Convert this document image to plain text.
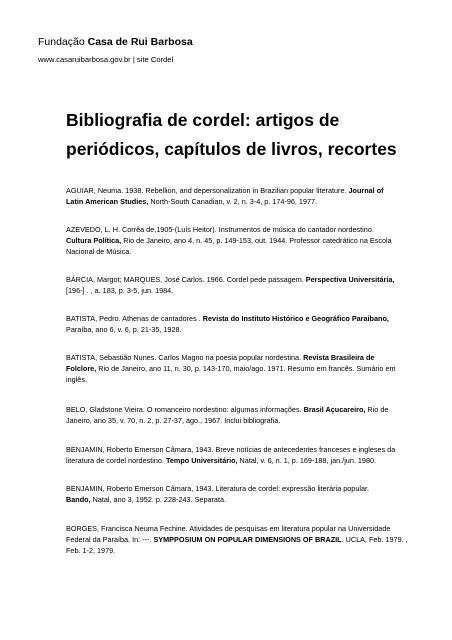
Fundação Casa de Rui Barbosa
www.casaruibarbosa.gov.br | site Cordel
Bibliografia de cordel: artigos de
periódicos, capítulos de livros, recortes

AGUIAR, Neuma. 1938. Rebellion, and depersonalization in Brazilian popular literature. Journal of
Latin American Studies, North-South Canadian, v. 2, n. 3-4, p. 174-96, 1977.

AZEVEDO, L. H. Corrêa de,1905-(Luís Heitor). Instrumentos de música do cantador nordestino.
Cultura Política, Rio de Janeiro, ano 4, n. 45, p. 149-153, out. 1944. Professor catedrático na Escola Nacional de Música.

BÁRCIA, Margot; MARQUES, José Carlos. 1966. Cordel pede passagem. Perspectiva Universitária,
[196-] . , a. 183, p. 3-5, jun. 1984.

BATISTA, Pedro. Athenas de cantadores . Revista do Instituto Histórico e Geográfico Paraibano,
Paraíba, ano 6, v. 6, p. 21-35, 1928.

BATISTA, Sebastião Nunes. Carlos Magno na poesia popular nordestina. Revista Brasileira de
Folclore, Rio de Janeiro, ano 11, n. 30, p. 143-170, maio/ago. 1971. Resumo em francês. Sumário em inglês.

BELO, Gladstone Vieira. O romanceiro nordestino: algumas informações. Brasil Açucareiro, Rio de Janeiro, ano 35, v. 70, n. 2, p. 27-37, ago., 1967. Inclui bibliografia.

BENJAMIN, Roberto Emerson Câmara, 1943. Breve notícias de antecedentes franceses e ingleses da literatura de cordel nordestino. Tempo Universitário, Natal, v. 6, n. 1, p. 169-188, jan./jun. 1980.

BENJAMIN, Roberto Emerson Câmara, 1943. Literatura de cordel: expressão literária popular.
Bando, Natal, ano 3, 1952. p. 228-243. Separata.

BORGES, Francisca Neuma Fechine. Atividades de pesquisas em literatura popular na Universidade Federal da Paraíba. In: ---. SYMPPOSIUM ON POPULAR DIMENSIONS OF BRAZIL. UCLA, Feb. 1979. , Feb. 1-2, 1979.
